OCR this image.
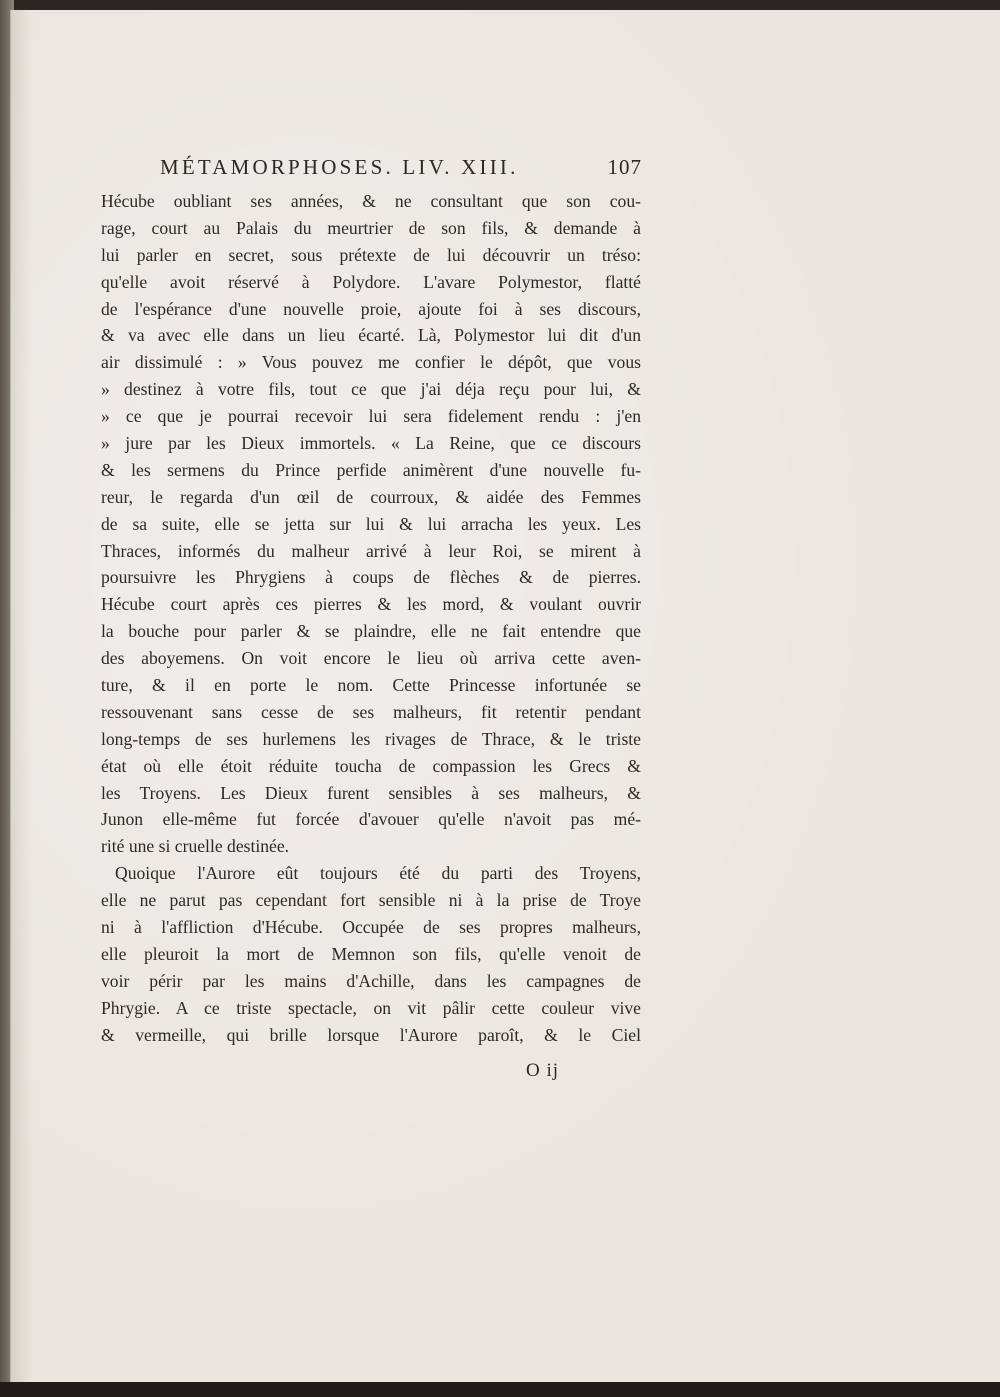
MÉTAMORPHOSES. LIV. XIII.	107
Hécube oubliant ses années, & ne consultant que son cou-
rage, court au Palais du meurtrier de son fils, & demande à
lui parler en secret, sous prétexte de lui découvrir un tréso:
qu'elle avoit réservé à Polydore. L'avare Polymestor, flatté
de l'espérance d'une nouvelle proie, ajoute foi à ses discours,
& va avec elle dans un lieu écarté. Là, Polymestor lui dit d'un
air dissimulé : » Vous pouvez me confier le dépôt, que vous
» destinez à votre fils, tout ce que j'ai déja reçu pour lui, &
» ce que je pourrai recevoir lui sera fidelement rendu : j'en
» jure par les Dieux immortels. « La Reine, que ce discours
& les sermens du Prince perfide animèrent d'une nouvelle fu-
reur, le regarda d'un œil de courroux, & aidée des Femmes
de sa suite, elle se jetta sur lui & lui arracha les yeux. Les
Thraces, informés du malheur arrivé à leur Roi, se mirent à
poursuivre les Phrygiens à coups de flèches & de pierres.
Hécube court après ces pierres & les mord, & voulant ouvrir
la bouche pour parler & se plaindre, elle ne fait entendre que
des aboyemens. On voit encore le lieu où arriva cette aven-
ture, & il en porte le nom. Cette Princesse infortunée se
ressouvenant sans cesse de ses malheurs, fit retentir pendant
long-temps de ses hurlemens les rivages de Thrace, & le triste
état où elle étoit réduite toucha de compassion les Grecs &
les Troyens. Les Dieux furent sensibles à ses malheurs, &
Junon elle-même fut forcée d'avouer qu'elle n'avoit pas mé-
rité une si cruelle destinée.
Quoique l'Aurore eût toujours été du parti des Troyens,
elle ne parut pas cependant fort sensible ni à la prise de Troye
ni à l'affliction d'Hécube. Occupée de ses propres malheurs,
elle pleuroit la mort de Memnon son fils, qu'elle venoit de
voir périr par les mains d'Achille, dans les campagnes de
Phrygie. A ce triste spectacle, on vit pâlir cette couleur vive
& vermeille, qui brille lorsque l'Aurore paroît, & le Ciel
O ij
